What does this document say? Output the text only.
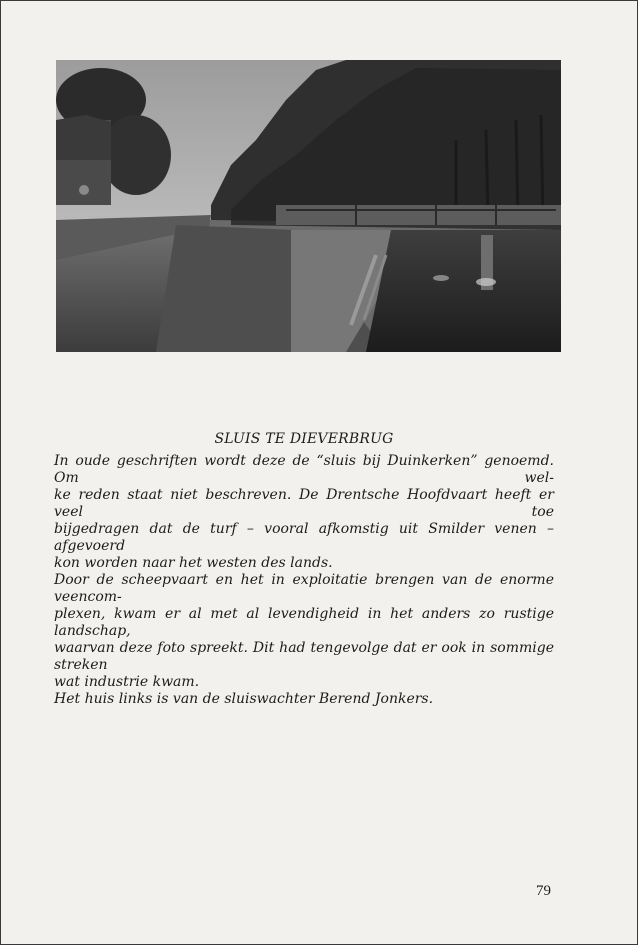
SLUIS TE DIEVERBRUG

In oude geschriften wordt deze de “sluis bij Duinkerken” genoemd. Om wel-
ke reden staat niet beschreven. De Drentsche Hoofdvaart heeft er veel toe
bijgedragen dat de turf – vooral afkomstig uit Smilder venen – afgevoerd
kon worden naar het westen des lands.

Door de scheepvaart en het in exploitatie brengen van de enorme veencom-
plexen, kwam er al met al levendigheid in het anders zo rustige landschap,
waarvan deze foto spreekt. Dit had tengevolge dat er ook in sommige streken
wat industrie kwam.

Het huis links is van de sluiswachter Berend Jonkers.

79
